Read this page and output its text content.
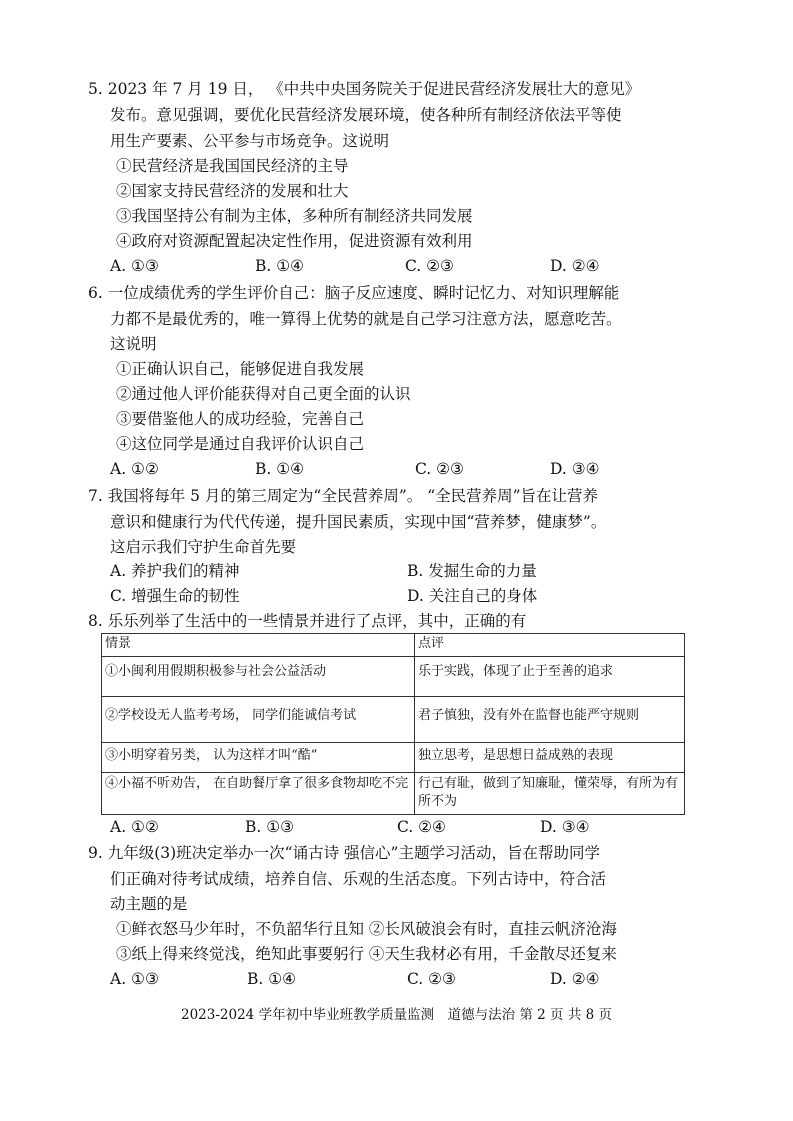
5. 2023 年 7 月 19 日， 《中共中央国务院关于促进民营经济发展壮大的意见》
发布。意见强调，要优化民营经济发展环境，使各种所有制经济依法平等使
用生产要素、公平参与市场竞争。这说明
①民营经济是我国国民经济的主导
②国家支持民营经济的发展和壮大
③我国坚持公有制为主体，多种所有制经济共同发展
④政府对资源配置起决定性作用，促进资源有效利用
A. ①③	B. ①④	C. ②③	D. ②④
6. 一位成绩优秀的学生评价自己：脑子反应速度、瞬时记忆力、对知识理解能
力都不是最优秀的，唯一算得上优势的就是自己学习注意方法，愿意吃苦。
这说明
①正确认识自己，能够促进自我发展
②通过他人评价能获得对自己更全面的认识
③要借鉴他人的成功经验，完善自己
④这位同学是通过自我评价认识自己
A. ①②	B. ①④	C. ②③	D. ③④
7. 我国将每年 5 月的第三周定为“全民营养周”。 “全民营养周”旨在让营养
意识和健康行为代代传递，提升国民素质，实现中国“营养梦，健康梦”。
这启示我们守护生命首先要
A. 养护我们的精神	B. 发掘生命的力量
C. 增强生命的韧性	D. 关注自己的身体
8. 乐乐列举了生活中的一些情景并进行了点评，其中，正确的有
情景	点评
①小闽利用假期积极参与社会公益活动	乐于实践，体现了止于至善的追求
②学校设无人监考考场， 同学们能诚信考试	君子慎独，没有外在监督也能严守规则
③小明穿着另类， 认为这样才叫“酷”	独立思考，是思想日益成熟的表现
④小福不听劝告， 在自助餐厅拿了很多食物却吃不完	行己有耻，做到了知廉耻，懂荣辱，有所为有所不为
A. ①②	B. ①③	C. ②④	D. ③④
9. 九年级(3)班决定举办一次“诵古诗 强信心”主题学习活动，旨在帮助同学
们正确对待考试成绩，培养自信、乐观的生活态度。下列古诗中，符合活
动主题的是
①鲜衣怒马少年时，不负韶华行且知 ②长风破浪会有时，直挂云帆济沧海
③纸上得来终觉浅，绝知此事要躬行 ④天生我材必有用，千金散尽还复来
A. ①③	B. ①④	C. ②③	D. ②④
2023-2024 学年初中毕业班教学质量监测　道德与法治 第 2 页 共 8 页
